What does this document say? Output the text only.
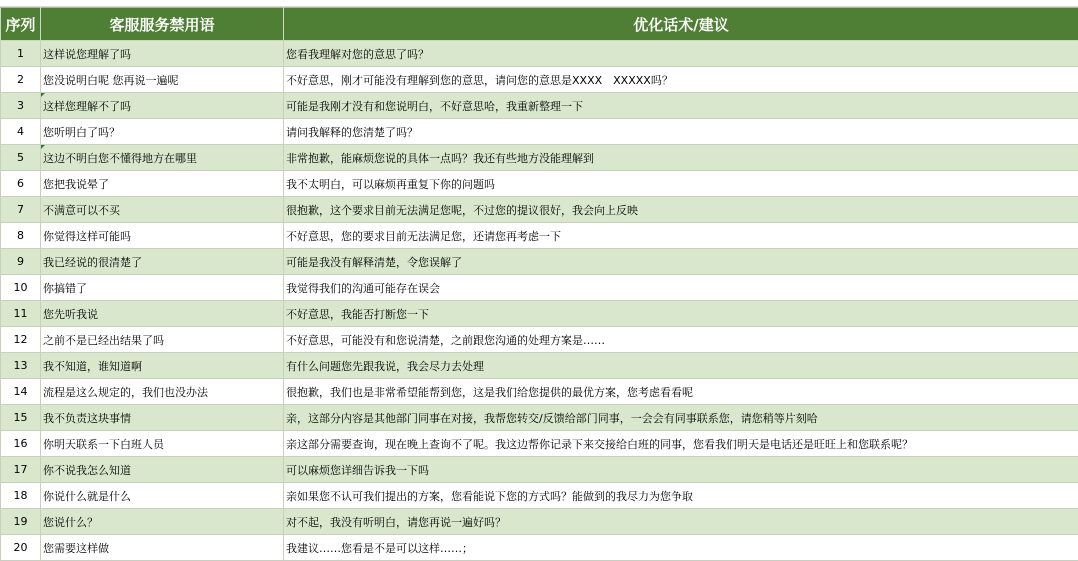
序列	客服服务禁用语	优化话术/建议
1	这样说您理解了吗	您看我理解对您的意思了吗？
2	您没说明白呢 您再说一遍呢	不好意思，刚才可能没有理解到您的意思，请问您的意思是XXXX　XXXXX吗？
3	这样您理解不了吗	可能是我刚才没有和您说明白，不好意思哈，我重新整理一下
4	您听明白了吗？	请问我解释的您清楚了吗？
5	这边不明白您不懂得地方在哪里	非常抱歉，能麻烦您说的具体一点吗？我还有些地方没能理解到
6	您把我说晕了	我不太明白，可以麻烦再重复下你的问题吗
7	不满意可以不买	很抱歉，这个要求目前无法满足您呢，不过您的提议很好，我会向上反映
8	你觉得这样可能吗	不好意思，您的要求目前无法满足您，还请您再考虑一下
9	我已经说的很清楚了	可能是我没有解释清楚，令您误解了
10	你搞错了	我觉得我们的沟通可能存在误会
11	您先听我说	不好意思，我能否打断您一下
12	之前不是已经出结果了吗	不好意思，可能没有和您说清楚，之前跟您沟通的处理方案是……
13	我不知道，谁知道啊	有什么问题您先跟我说，我会尽力去处理
14	流程是这么规定的，我们也没办法	很抱歉，我们也是非常希望能帮到您，这是我们给您提供的最优方案，您考虑看看呢
15	我不负责这块事情	亲，这部分内容是其他部门同事在对接，我帮您转交/反馈给部门同事，一会会有同事联系您，请您稍等片刻哈
16	你明天联系一下白班人员	亲这部分需要查询，现在晚上查询不了呢。我这边帮你记录下来交接给白班的同事，您看我们明天是电话还是旺旺上和您联系呢？
17	你不说我怎么知道	可以麻烦您详细告诉我一下吗
18	你说什么就是什么	亲如果您不认可我们提出的方案，您看能说下您的方式吗？能做到的我尽力为您争取
19	您说什么？	对不起，我没有听明白，请您再说一遍好吗？
20	您需要这样做	我建议……您看是不是可以这样……；
